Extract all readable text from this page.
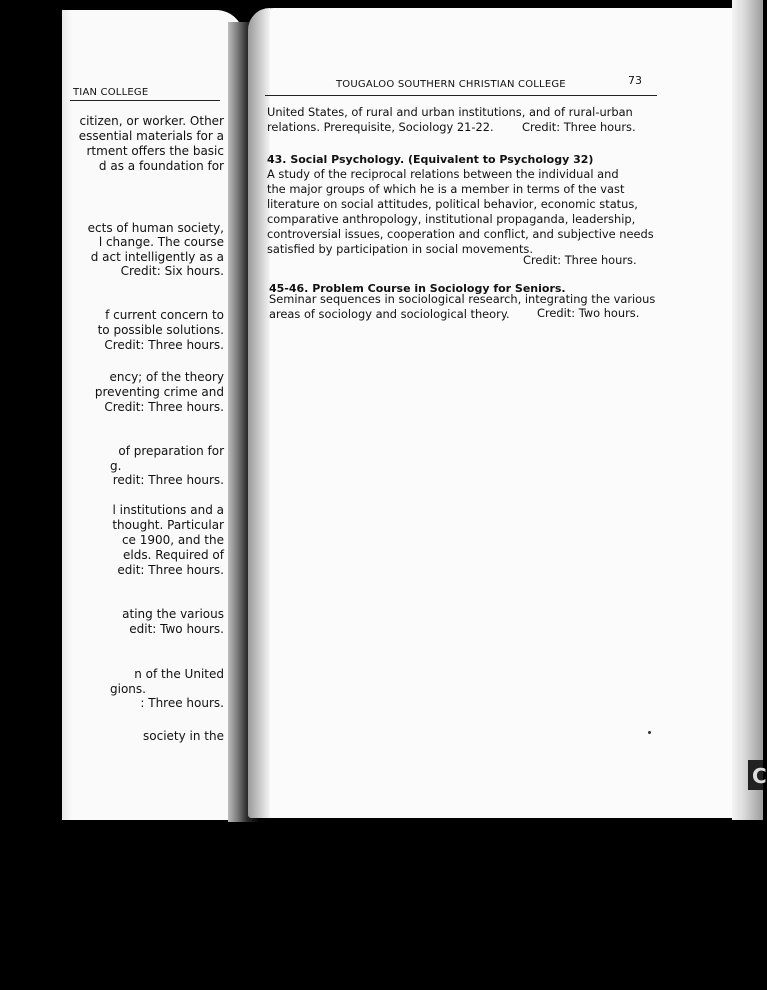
TIAN COLLEGE
citizen, or worker. Other
essential materials for a
rtment offers the basic
d as a foundation for
ects of human society,
l change. The course
d act intelligently as a
Credit: Six hours.
f current concern to
to possible solutions.
Credit: Three hours.
ency; of the theory
preventing crime and
Credit: Three hours.
of preparation for
g.
redit: Three hours.
l institutions and a
thought. Particular
ce 1900, and the
elds. Required of
edit: Three hours.
ating the various
edit: Two hours.
n of the United
gions.
: Three hours.
society in the
C
TOUGALOO SOUTHERN CHRISTIAN COLLEGE	73
United States, of rural and urban institutions, and of rural-urban
relations. Prerequisite, Sociology 21-22. Credit: Three hours.
43. Social Psychology. (Equivalent to Psychology 32)
A study of the reciprocal relations between the individual and
the major groups of which he is a member in terms of the vast
literature on social attitudes, political behavior, economic status,
comparative anthropology, institutional propaganda, leadership,
controversial issues, cooperation and conflict, and subjective needs
satisfied by participation in social movements.
Credit: Three hours.
45-46. Problem Course in Sociology for Seniors.
Seminar sequences in sociological research, integrating the various
areas of sociology and sociological theory. Credit: Two hours.
